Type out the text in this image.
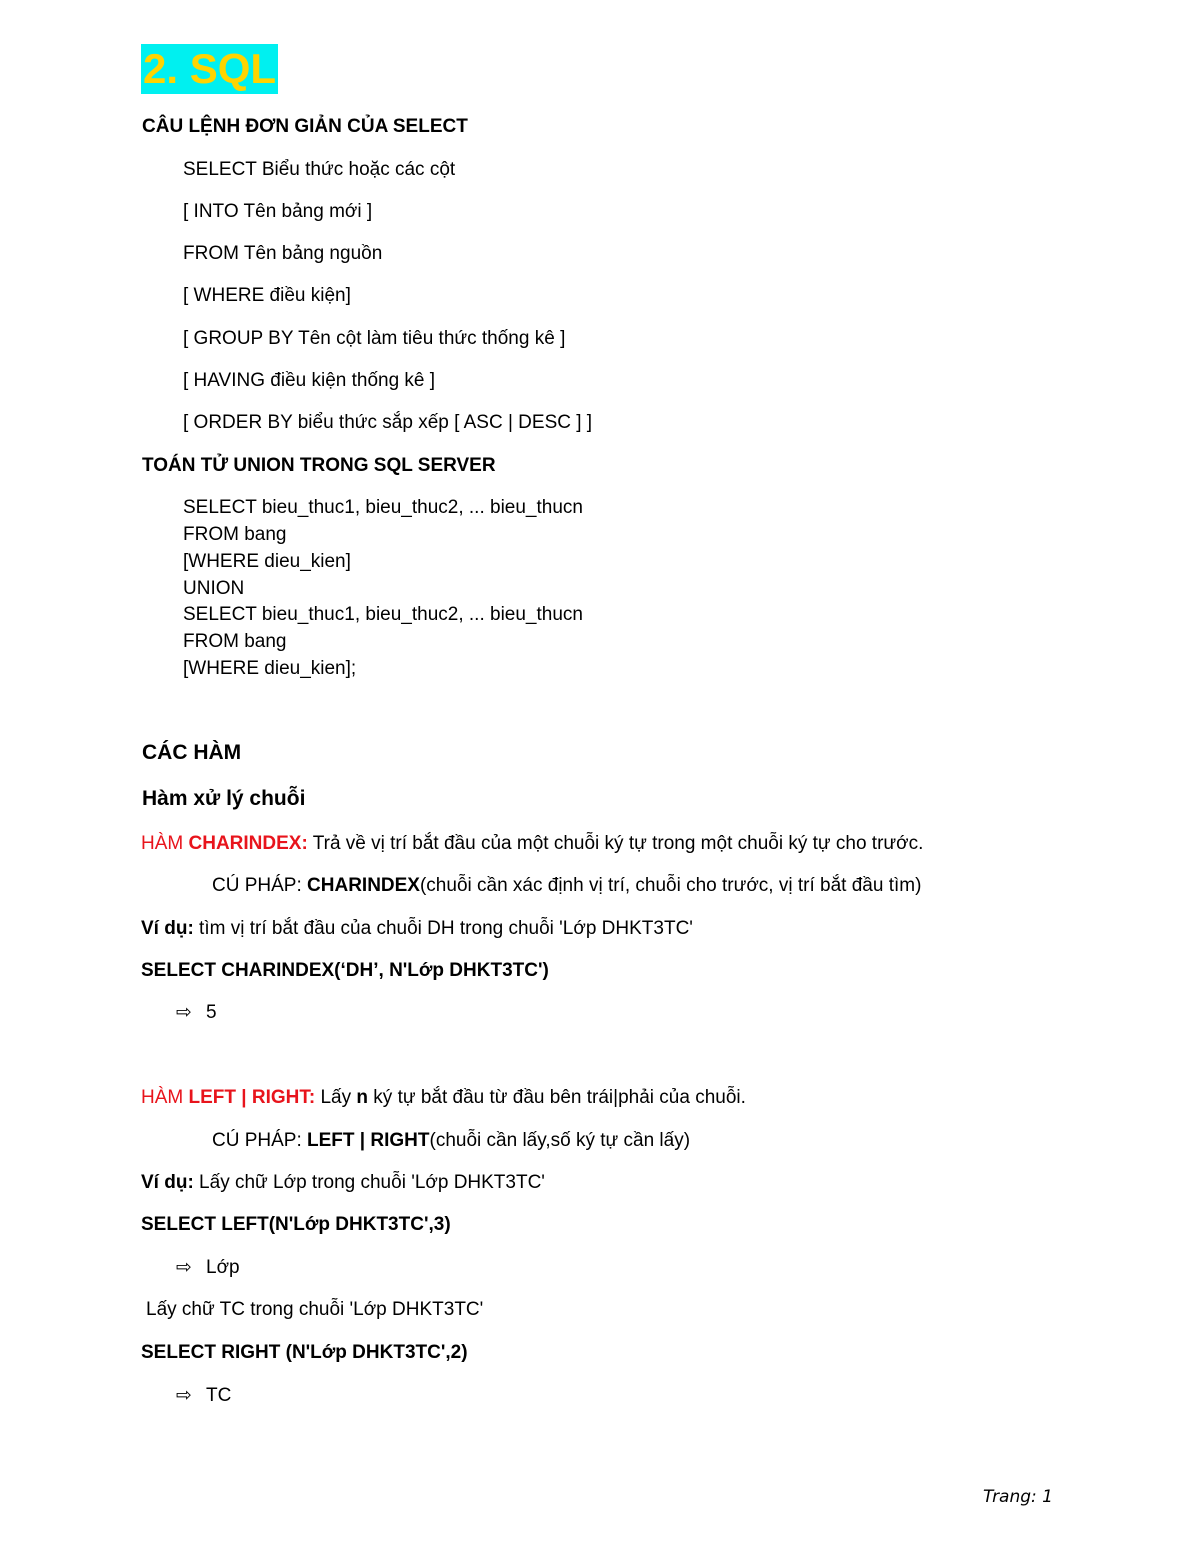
2. SQL
CÂU LỆNH ĐƠN GIẢN CỦA SELECT
SELECT Biểu thức hoặc các cột
[ INTO Tên bảng mới ]
FROM Tên bảng nguồn
[ WHERE điều kiện]
[ GROUP BY Tên cột làm tiêu thức thống kê ]
[ HAVING điều kiện thống kê ]
[ ORDER BY biểu thức sắp xếp [ ASC | DESC ] ]
TOÁN TỬ UNION TRONG SQL SERVER
SELECT bieu_thuc1, bieu_thuc2, ... bieu_thucn
FROM bang
[WHERE dieu_kien]
UNION
SELECT bieu_thuc1, bieu_thuc2, ... bieu_thucn
FROM bang
[WHERE dieu_kien];
CÁC HÀM
Hàm xử lý chuỗi
HÀM CHARINDEX: Trả về vị trí bắt đầu của một chuỗi ký tự trong một chuỗi ký tự cho trước.
CÚ PHÁP: CHARINDEX(chuỗi cần xác định vị trí, chuỗi cho trước, vị trí bắt đầu tìm)
Ví dụ: tìm vị trí bắt đầu của chuỗi DH trong chuỗi 'Lớp DHKT3TC'
SELECT CHARINDEX(‘DH’, N'Lớp DHKT3TC')
⇨ 5
HÀM LEFT | RIGHT: Lấy n ký tự bắt đầu từ đầu bên trái|phải của chuỗi.
CÚ PHÁP: LEFT | RIGHT(chuỗi cần lấy,số ký tự cần lấy)
Ví dụ: Lấy chữ Lớp trong chuỗi 'Lớp DHKT3TC'
SELECT LEFT(N'Lớp DHKT3TC',3)
⇨ Lớp
Lấy chữ TC trong chuỗi 'Lớp DHKT3TC'
SELECT RIGHT (N'Lớp DHKT3TC',2)
⇨ TC
Trang: 1
